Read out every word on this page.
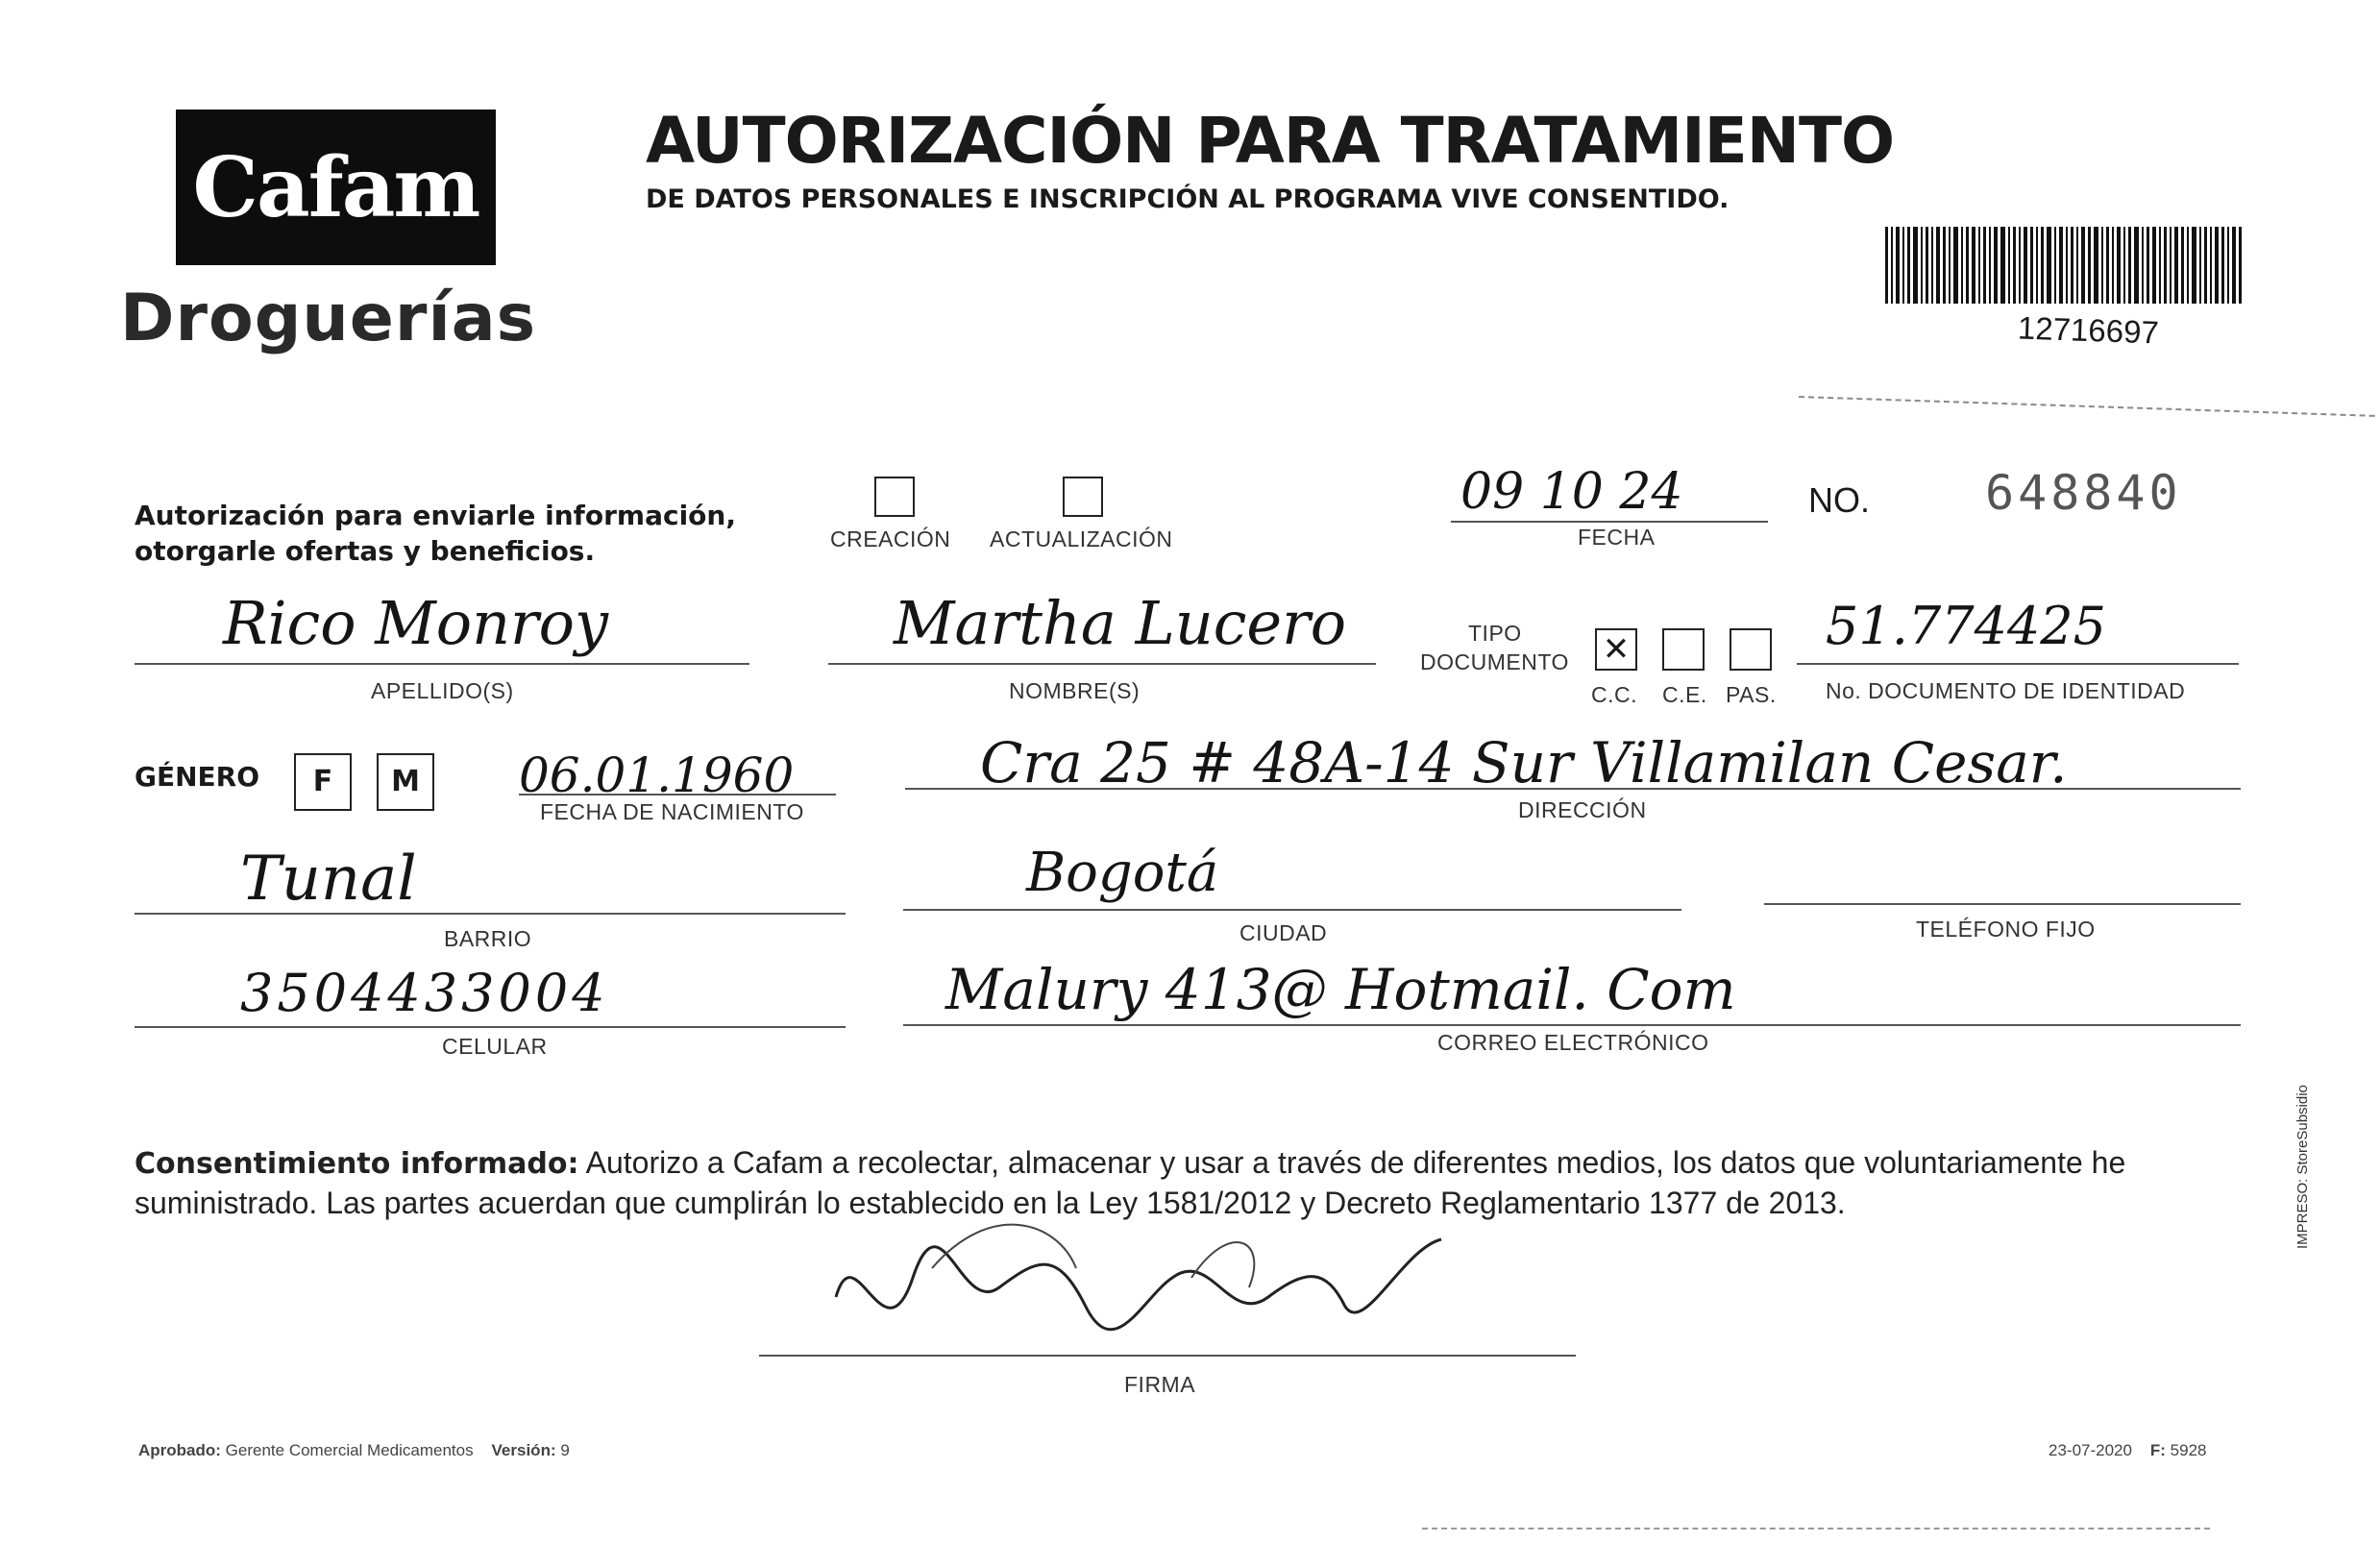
Cafam
Droguerías
AUTORIZACIÓN PARA TRATAMIENTO
DE DATOS PERSONALES E INSCRIPCIÓN AL PROGRAMA VIVE CONSENTIDO.
12716697
Autorización para enviarle información,
otorgarle ofertas y beneficios.	CREACIÓN ACTUALIZACIÓN
09 10 24
FECHA
NO. 648840
Rico Monroy
APELLIDO(S)
Martha Lucero
NOMBRE(S)
TIPO
DOCUMENTO ✕
C.C. C.E. PAS.
51.774425
No. DOCUMENTO DE IDENTIDAD
GÉNERO	F	M	06.01.1960
FECHA DE NACIMIENTO
Cra 25 # 48A-14 Sur Villamilan Cesar.
DIRECCIÓN
Tunal
BARRIO
Bogotá
CIUDAD	TELÉFONO FIJO
3504433004
CELULAR
Malury 413@ Hotmail. Com
CORREO ELECTRÓNICO
Consentimiento informado: Autorizo a Cafam a recolectar, almacenar y usar a través de diferentes medios, los datos que voluntariamente he suministrado. Las partes acuerdan que cumplirán lo establecido en la Ley 1581/2012 y Decreto Reglamentario 1377 de 2013.
FIRMA
Aprobado: Gerente Comercial Medicamentos Versión: 9	23-07-2020 F: 5928
IMPRESO: StoreSubsidio
